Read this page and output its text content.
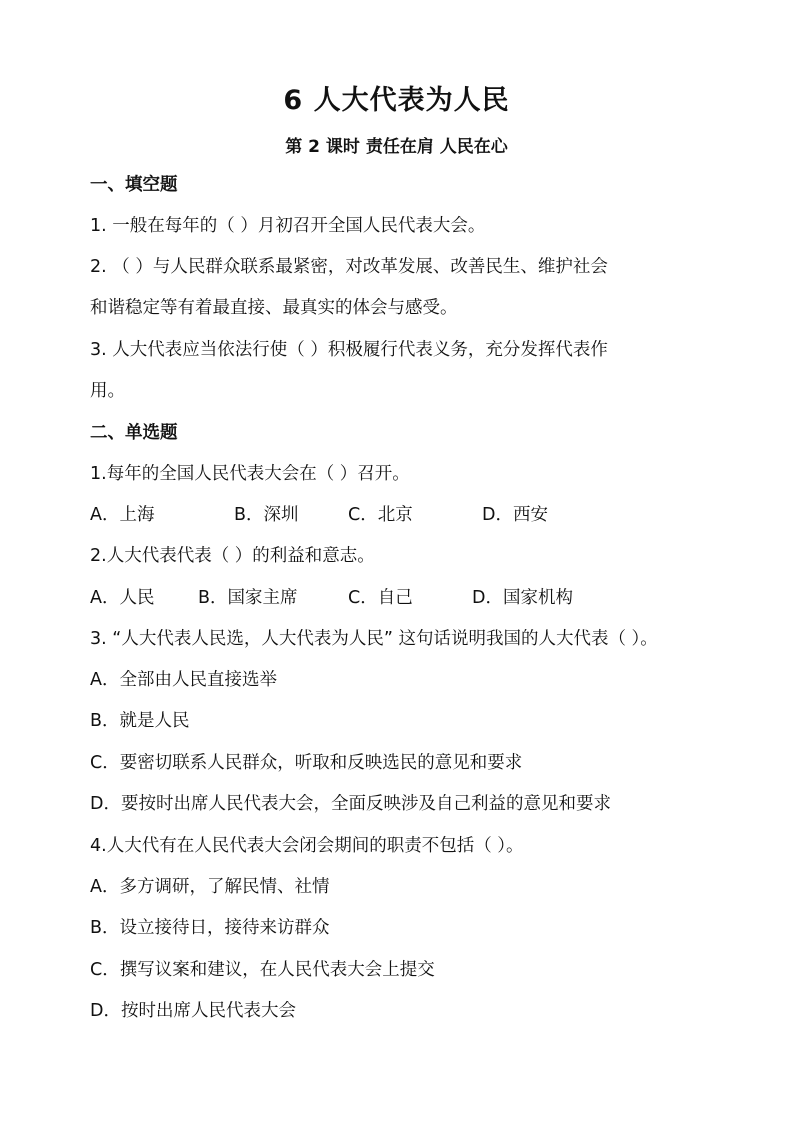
6 人大代表为人民
第 2 课时 责任在肩 人民在心
一、填空题
1. 一般在每年的（ ）月初召开全国人民代表大会。
2. （ ）与人民群众联系最紧密，对改革发展、改善民生、维护社会
和谐稳定等有着最直接、最真实的体会与感受。
3. 人大代表应当依法行使（ ）积极履行代表义务，充分发挥代表作
用。
二、单选题
1.每年的全国人民代表大会在（ ）召开。
A．上海	B．深圳	C．北京	D．西安
2.人大代表代表（ ）的利益和意志。
A．人民 B．国家主席	C．自己	D．国家机构
3. “人大代表人民选，人大代表为人民” 这句话说明我国的人大代表（ ）。
A．全部由人民直接选举
B．就是人民
C．要密切联系人民群众，听取和反映选民的意见和要求
D．要按时出席人民代表大会，全面反映涉及自己利益的意见和要求
4.人大代有在人民代表大会闭会期间的职责不包括（ ）。
A．多方调研，了解民情、社情
B．设立接待日，接待来访群众
C．撰写议案和建议，在人民代表大会上提交
D．按时出席人民代表大会
